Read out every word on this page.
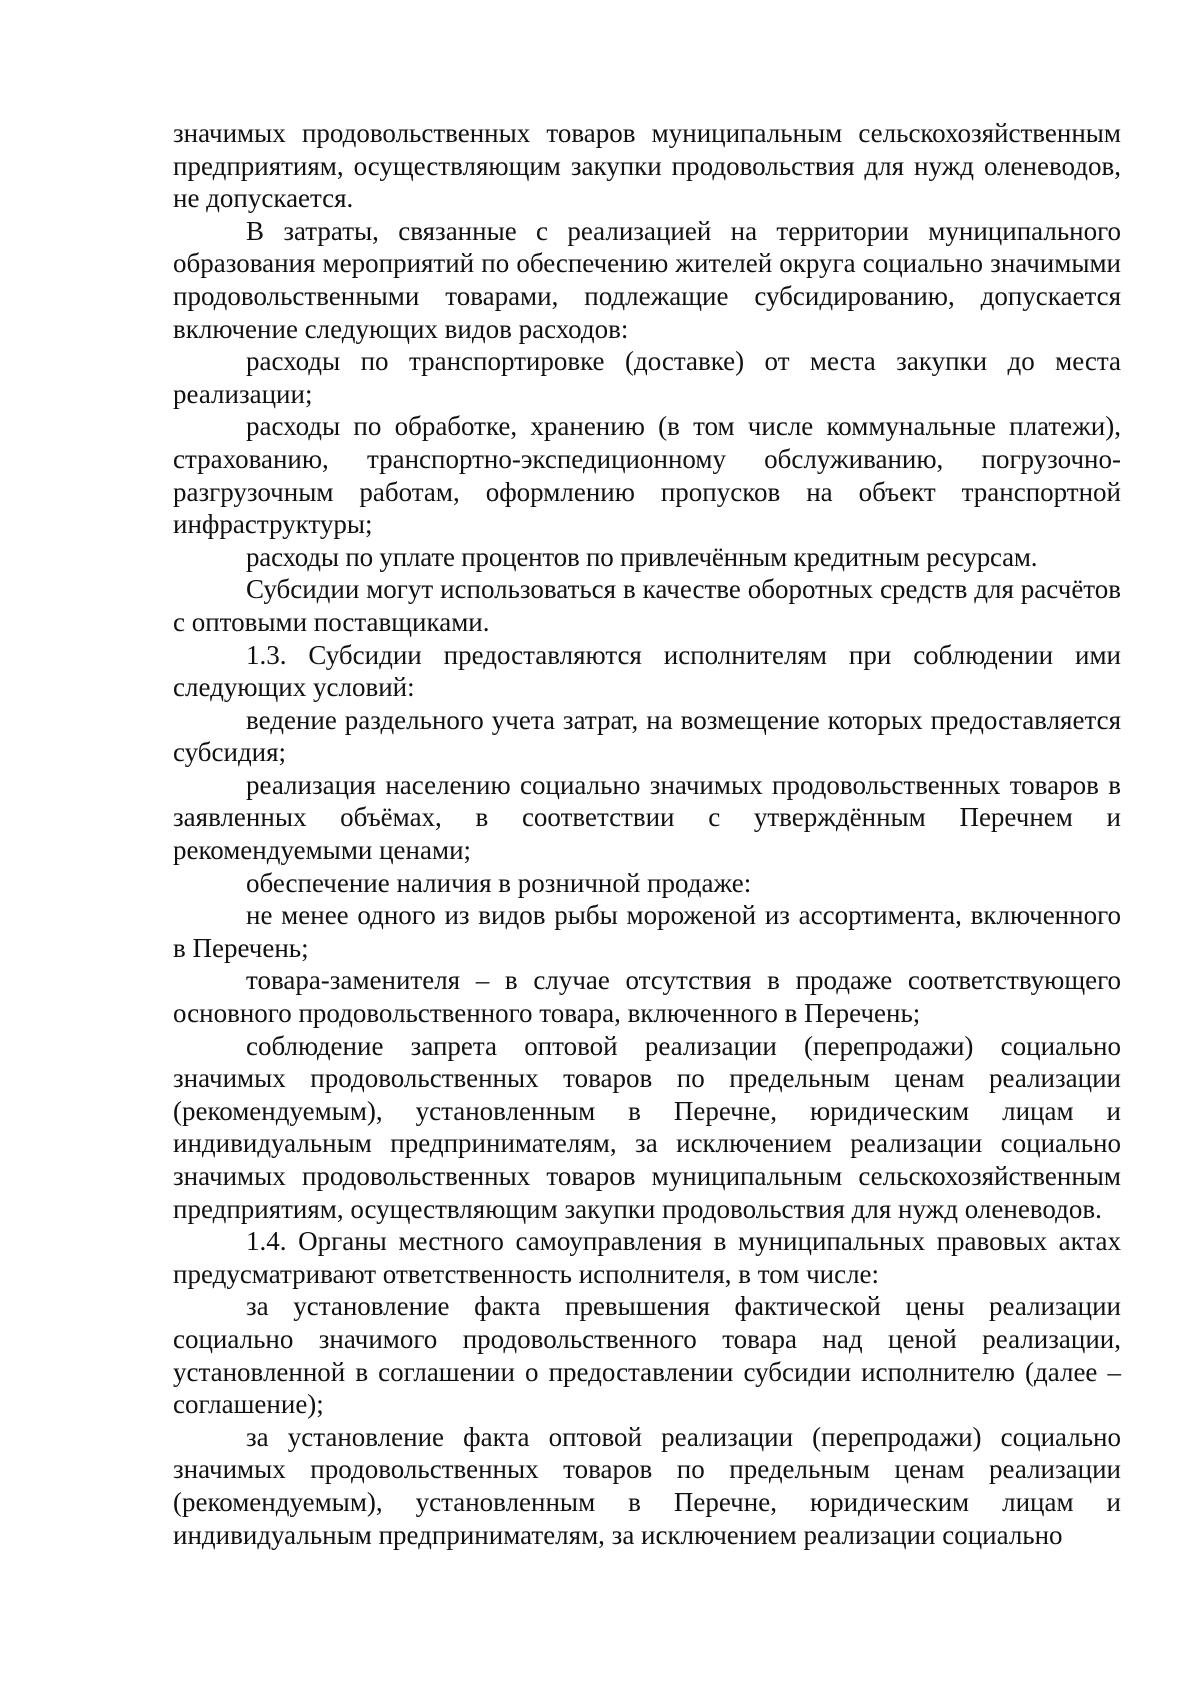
значимых продовольственных товаров муниципальным сельскохозяйственным предприятиям, осуществляющим закупки продовольствия для нужд оленеводов, не допускается.

В затраты, связанные с реализацией на территории муниципального образования мероприятий по обеспечению жителей округа социально значимыми продовольственными товарами, подлежащие субсидированию, допускается включение следующих видов расходов:

расходы по транспортировке (доставке) от места закупки до места реализации;

расходы по обработке, хранению (в том числе коммунальные платежи), страхованию, транспортно-экспедиционному обслуживанию, погрузочно-разгрузочным работам, оформлению пропусков на объект транспортной инфраструктуры;

расходы по уплате процентов по привлечённым кредитным ресурсам.

Субсидии могут использоваться в качестве оборотных средств для расчётов с оптовыми поставщиками.

1.3. Субсидии предоставляются исполнителям при соблюдении ими следующих условий:

ведение раздельного учета затрат, на возмещение которых предоставляется субсидия;

реализация населению социально значимых продовольственных товаров в заявленных объёмах, в соответствии с утверждённым Перечнем и рекомендуемыми ценами;

обеспечение наличия в розничной продаже:

не менее одного из видов рыбы мороженой из ассортимента, включенного в Перечень;

товара-заменителя – в случае отсутствия в продаже соответствующего основного продовольственного товара, включенного в Перечень;

соблюдение запрета оптовой реализации (перепродажи) социально значимых продовольственных товаров по предельным ценам реализации (рекомендуемым), установленным в Перечне, юридическим лицам и индивидуальным предпринимателям, за исключением реализации социально значимых продовольственных товаров муниципальным сельскохозяйственным предприятиям, осуществляющим закупки продовольствия для нужд оленеводов.

1.4. Органы местного самоуправления в муниципальных правовых актах предусматривают ответственность исполнителя, в том числе:

за установление факта превышения фактической цены реализации социально значимого продовольственного товара над ценой реализации, установленной в соглашении о предоставлении субсидии исполнителю (далее – соглашение);

за установление факта оптовой реализации (перепродажи) социально значимых продовольственных товаров по предельным ценам реализации (рекомендуемым), установленным в Перечне, юридическим лицам и индивидуальным предпринимателям, за исключением реализации социально
